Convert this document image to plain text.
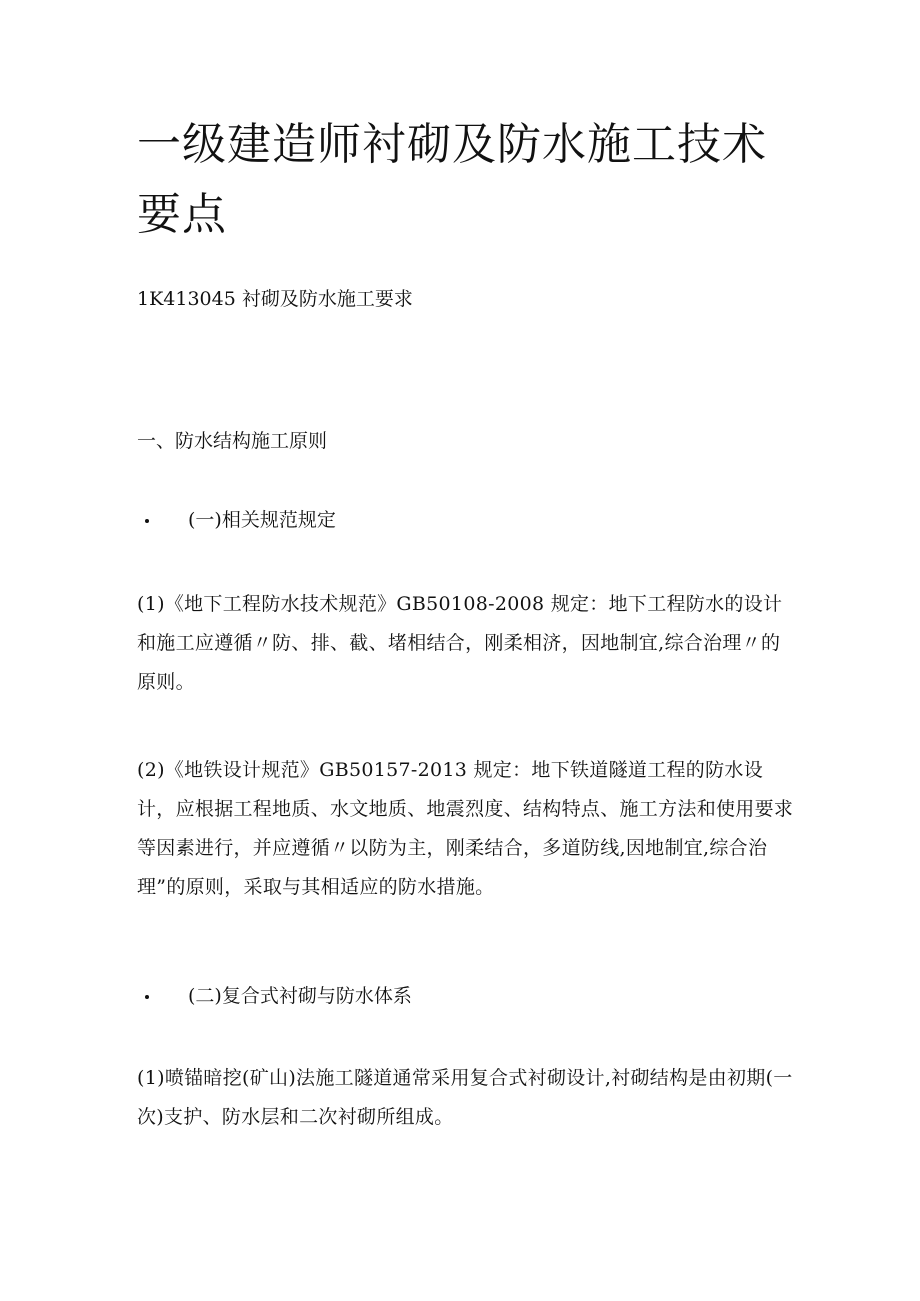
一级建造师衬砌及防水施工技术要点

1K413045 衬砌及防水施工要求

一、防水结构施工原则

(一)相关规范规定

(1)《地下工程防水技术规范》GB50108-2008 规定：地下工程防水的设计和施工应遵循〃防、排、截、堵相结合，刚柔相济，因地制宜,综合治理〃的原则。

(2)《地铁设计规范》GB50157-2013 规定：地下铁道隧道工程的防水设计，应根据工程地质、水文地质、地震烈度、结构特点、施工方法和使用要求等因素进行，并应遵循〃以防为主，刚柔结合，多道防线,因地制宜,综合治理”的原则，采取与其相适应的防水措施。

(二)复合式衬砌与防水体系

(1)喷锚暗挖(矿山)法施工隧道通常采用复合式衬砌设计,衬砌结构是由初期(一次)支护、防水层和二次衬砌所组成。
